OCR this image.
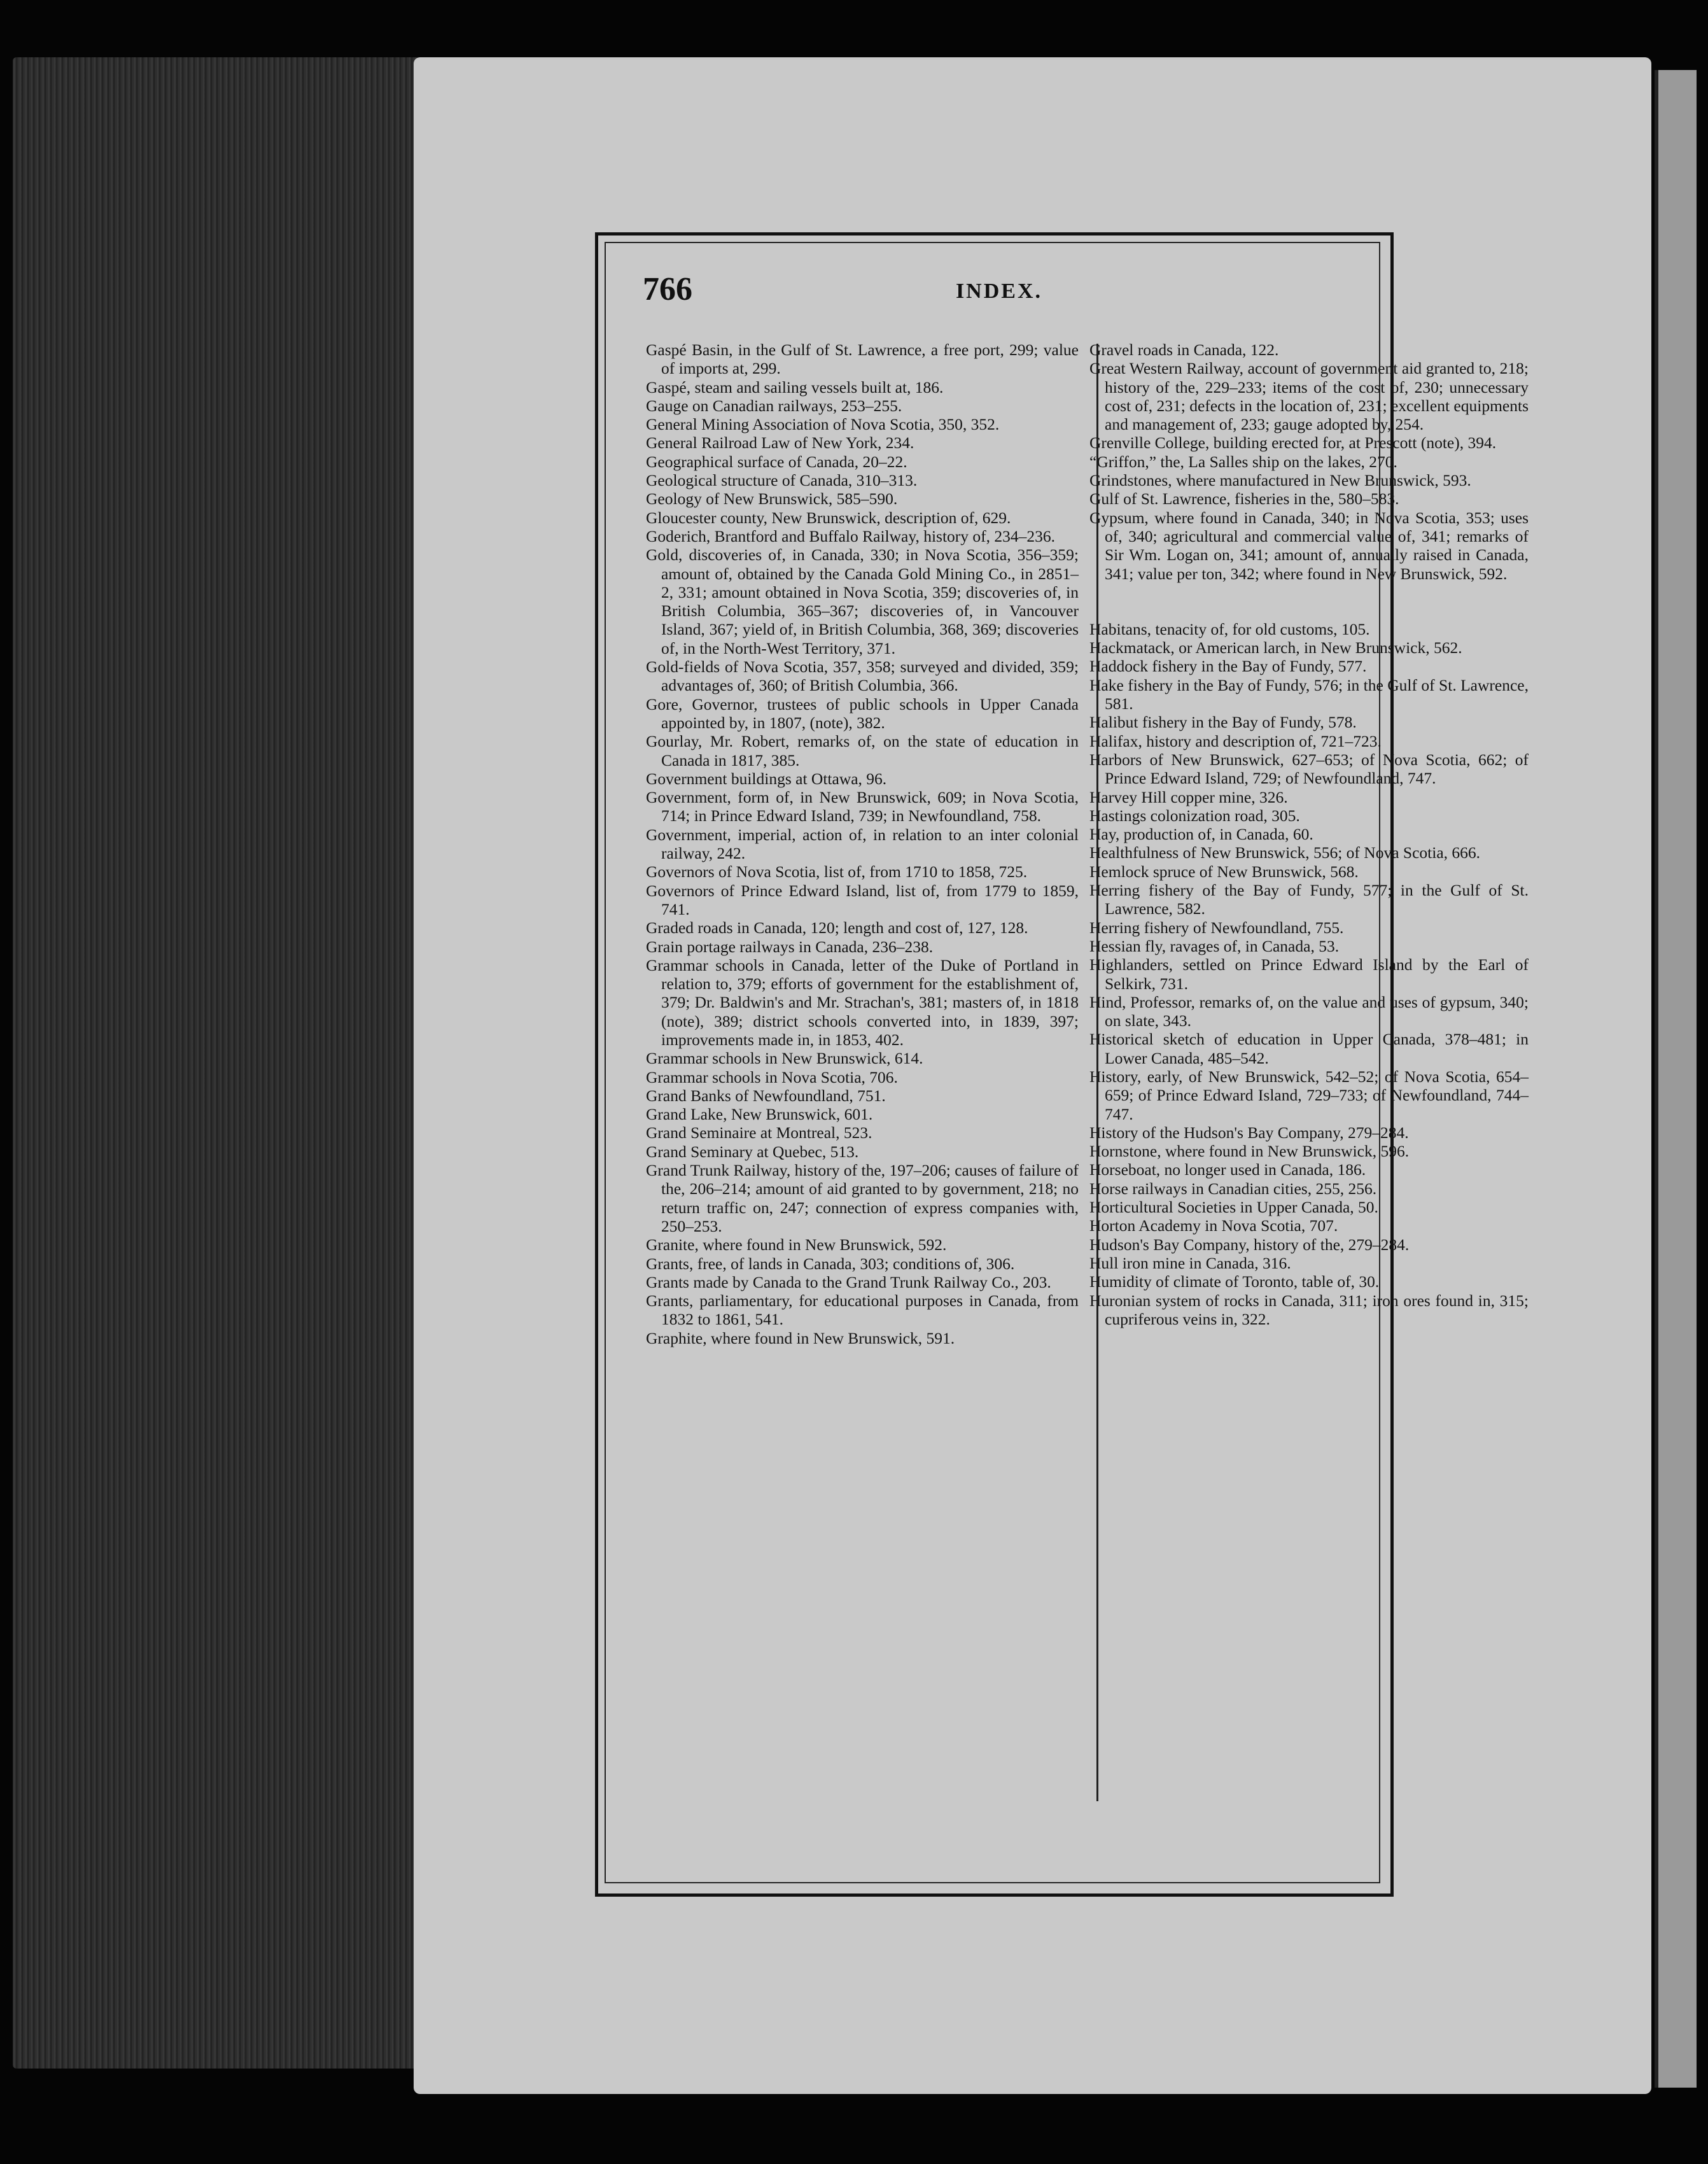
766	INDEX.
Gaspé Basin, in the Gulf of St. Lawrence, a free port, 299; value of imports at, 299.
Gaspé, steam and sailing vessels built at, 186.
Gauge on Canadian railways, 253–255.
General Mining Association of Nova Scotia, 350, 352.
General Railroad Law of New York, 234.
Geographical surface of Canada, 20–22.
Geological structure of Canada, 310–313.
Geology of New Brunswick, 585–590.
Gloucester county, New Brunswick, description of, 629.
Goderich, Brantford and Buffalo Railway, history of, 234–236.
Gold, discoveries of, in Canada, 330; in Nova Scotia, 356–359; amount of, obtained by the Canada Gold Mining Co., in 2851–2, 331; amount obtained in Nova Scotia, 359; discoveries of, in British Columbia, 365–367; discoveries of, in Vancouver Island, 367; yield of, in British Columbia, 368, 369; discoveries of, in the North-West Territory, 371.
Gold-fields of Nova Scotia, 357, 358; surveyed and divided, 359; advantages of, 360; of British Columbia, 366.
Gore, Governor, trustees of public schools in Upper Canada appointed by, in 1807, (note), 382.
Gourlay, Mr. Robert, remarks of, on the state of education in Canada in 1817, 385.
Government buildings at Ottawa, 96.
Government, form of, in New Brunswick, 609; in Nova Scotia, 714; in Prince Edward Island, 739; in Newfoundland, 758.
Government, imperial, action of, in relation to an inter colonial railway, 242.
Governors of Nova Scotia, list of, from 1710 to 1858, 725.
Governors of Prince Edward Island, list of, from 1779 to 1859, 741.
Graded roads in Canada, 120; length and cost of, 127, 128.
Grain portage railways in Canada, 236–238.
Grammar schools in Canada, letter of the Duke of Portland in relation to, 379; efforts of government for the establishment of, 379; Dr. Baldwin's and Mr. Strachan's, 381; masters of, in 1818 (note), 389; district schools converted into, in 1839, 397; improvements made in, in 1853, 402.
Grammar schools in New Brunswick, 614.
Grammar schools in Nova Scotia, 706.
Grand Banks of Newfoundland, 751.
Grand Lake, New Brunswick, 601.
Grand Seminaire at Montreal, 523.
Grand Seminary at Quebec, 513.
Grand Trunk Railway, history of the, 197–206; causes of failure of the, 206–214; amount of aid granted to by government, 218; no return traffic on, 247; connection of express companies with, 250–253.
Granite, where found in New Brunswick, 592.
Grants, free, of lands in Canada, 303; conditions of, 306.
Grants made by Canada to the Grand Trunk Railway Co., 203.
Grants, parliamentary, for educational purposes in Canada, from 1832 to 1861, 541.
Graphite, where found in New Brunswick, 591.
Gravel roads in Canada, 122.
Great Western Railway, account of government aid granted to, 218; history of the, 229–233; items of the cost of, 230; unnecessary cost of, 231; defects in the location of, 231; excellent equipments and management of, 233; gauge adopted by, 254.
Grenville College, building erected for, at Prescott (note), 394.
“Griffon,” the, La Salles ship on the lakes, 270.
Grindstones, where manufactured in New Brunswick, 593.
Gulf of St. Lawrence, fisheries in the, 580–583.
Gypsum, where found in Canada, 340; in Nova Scotia, 353; uses of, 340; agricultural and commercial value of, 341; remarks of Sir Wm. Logan on, 341; amount of, annually raised in Canada, 341; value per ton, 342; where found in New Brunswick, 592.
Habitans, tenacity of, for old customs, 105.
Hackmatack, or American larch, in New Brunswick, 562.
Haddock fishery in the Bay of Fundy, 577.
Hake fishery in the Bay of Fundy, 576; in the Gulf of St. Lawrence, 581.
Halibut fishery in the Bay of Fundy, 578.
Halifax, history and description of, 721–723.
Harbors of New Brunswick, 627–653; of Nova Scotia, 662; of Prince Edward Island, 729; of Newfoundland, 747.
Harvey Hill copper mine, 326.
Hastings colonization road, 305.
Hay, production of, in Canada, 60.
Healthfulness of New Brunswick, 556; of Nova Scotia, 666.
Hemlock spruce of New Brunswick, 568.
Herring fishery of the Bay of Fundy, 577; in the Gulf of St. Lawrence, 582.
Herring fishery of Newfoundland, 755.
Hessian fly, ravages of, in Canada, 53.
Highlanders, settled on Prince Edward Island by the Earl of Selkirk, 731.
Hind, Professor, remarks of, on the value and uses of gypsum, 340; on slate, 343.
Historical sketch of education in Upper Canada, 378–481; in Lower Canada, 485–542.
History, early, of New Brunswick, 542–52; of Nova Scotia, 654–659; of Prince Edward Island, 729–733; of Newfoundland, 744–747.
History of the Hudson's Bay Company, 279–284.
Hornstone, where found in New Brunswick, 596.
Horseboat, no longer used in Canada, 186.
Horse railways in Canadian cities, 255, 256.
Horticultural Societies in Upper Canada, 50.
Horton Academy in Nova Scotia, 707.
Hudson's Bay Company, history of the, 279–284.
Hull iron mine in Canada, 316.
Humidity of climate of Toronto, table of, 30.
Huronian system of rocks in Canada, 311; iron ores found in, 315; cupriferous veins in, 322.
